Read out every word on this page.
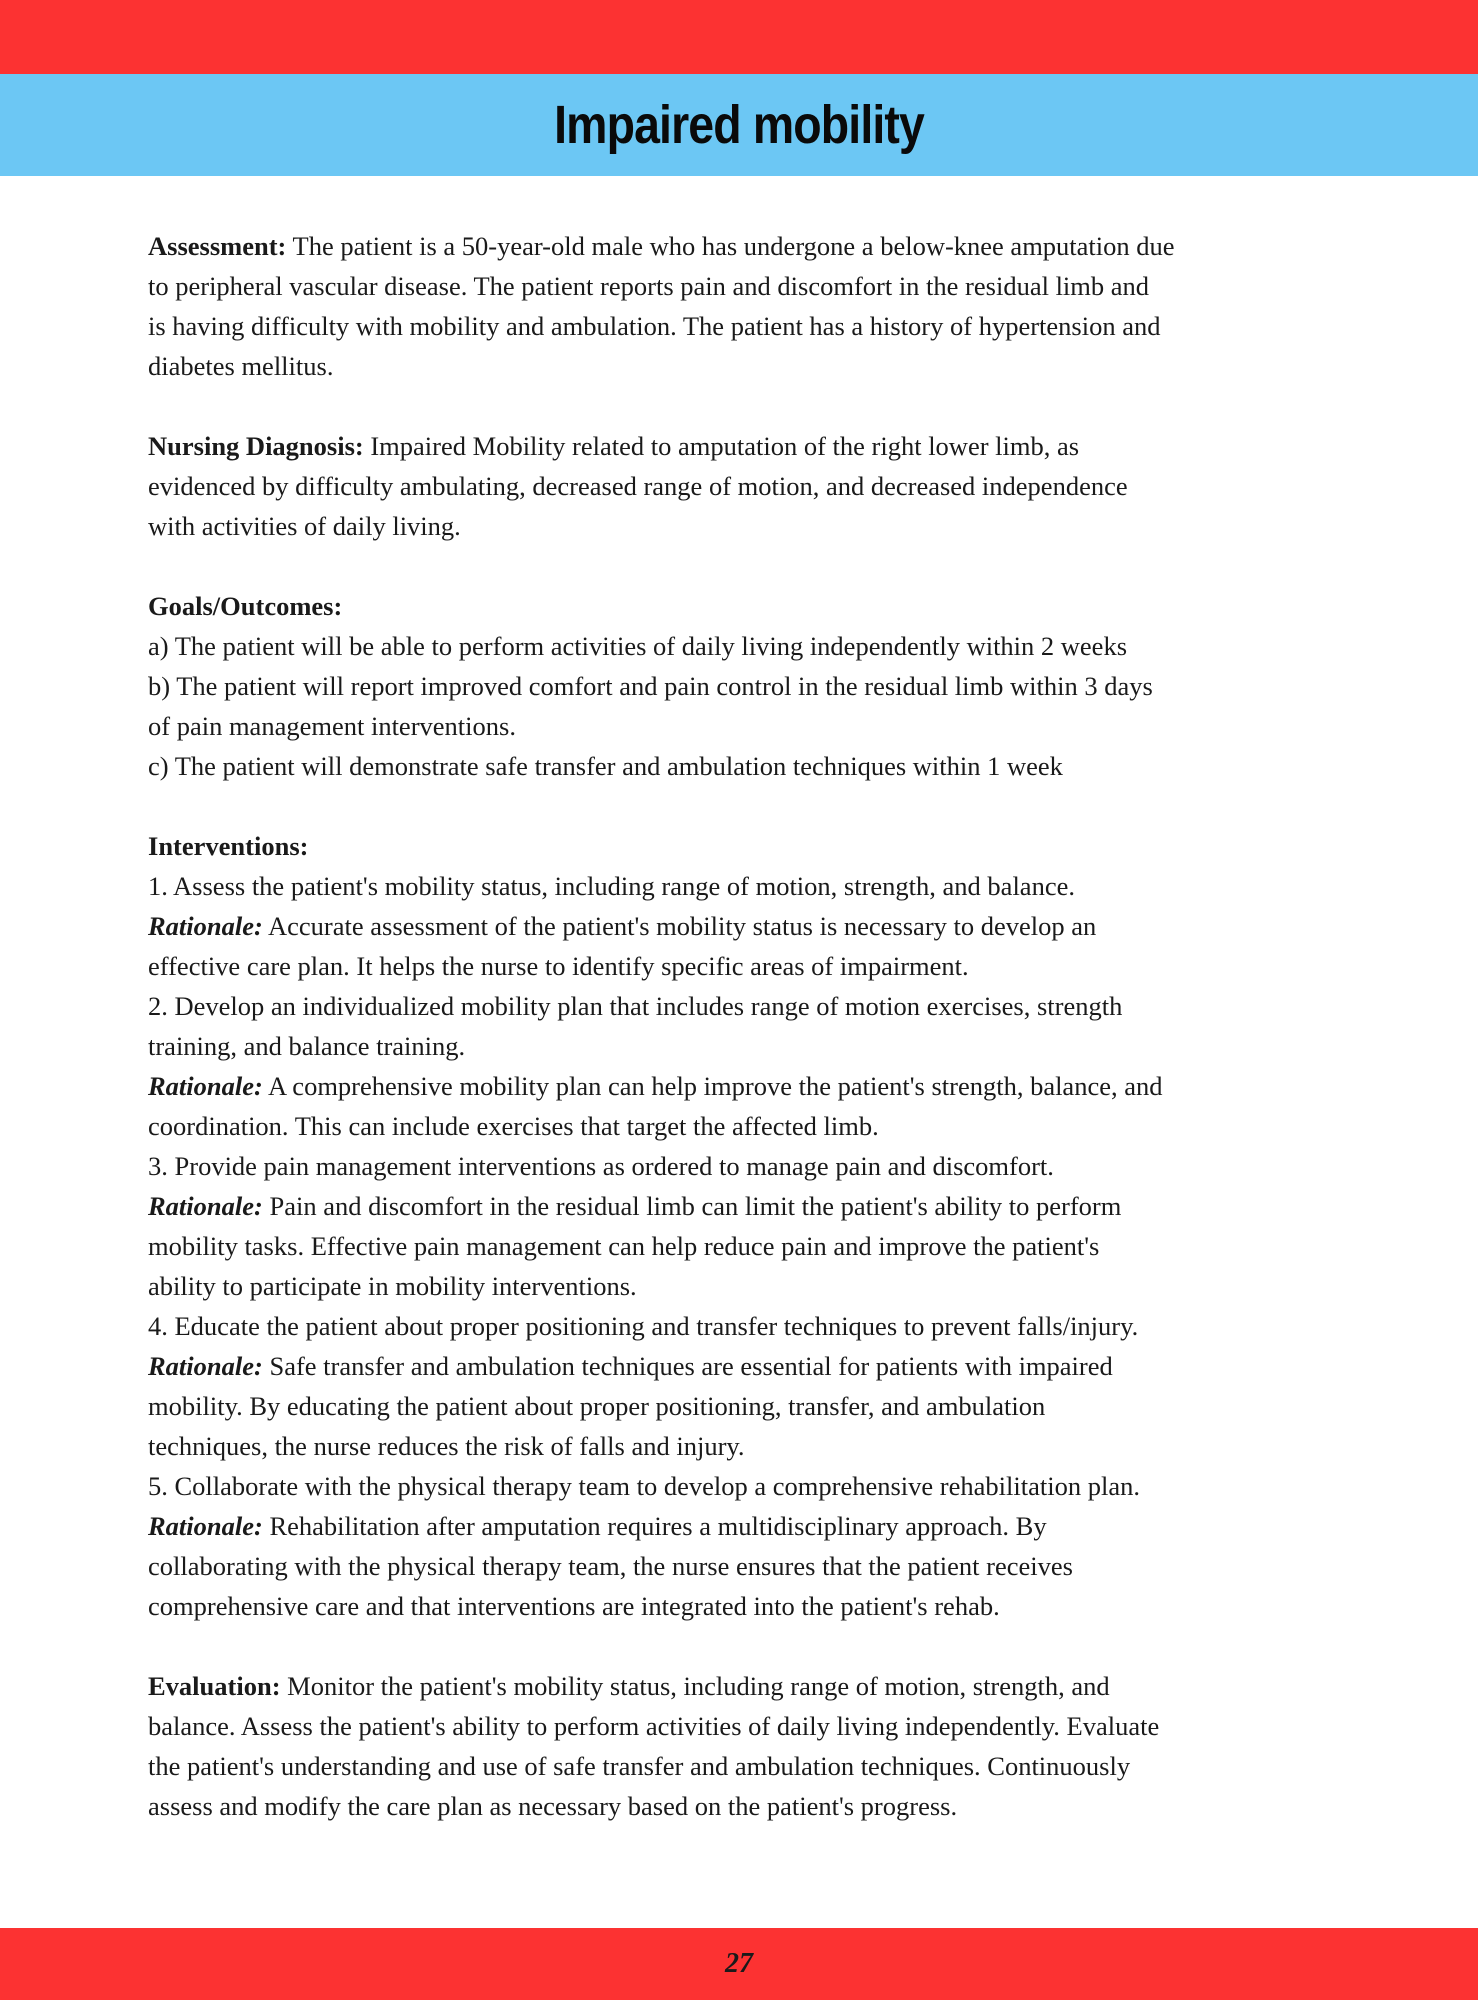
Impaired mobility
Assessment: The patient is a 50-year-old male who has undergone a below-knee amputation due
to peripheral vascular disease. The patient reports pain and discomfort in the residual limb and
is having difficulty with mobility and ambulation. The patient has a history of hypertension and
diabetes mellitus.
Nursing Diagnosis: Impaired Mobility related to amputation of the right lower limb, as
evidenced by difficulty ambulating, decreased range of motion, and decreased independence
with activities of daily living.
Goals/Outcomes:
a) The patient will be able to perform activities of daily living independently within 2 weeks
b) The patient will report improved comfort and pain control in the residual limb within 3 days
of pain management interventions.
c) The patient will demonstrate safe transfer and ambulation techniques within 1 week
Interventions:
1. Assess the patient's mobility status, including range of motion, strength, and balance.
Rationale: Accurate assessment of the patient's mobility status is necessary to develop an
effective care plan. It helps the nurse to identify specific areas of impairment.
2. Develop an individualized mobility plan that includes range of motion exercises, strength
training, and balance training.
Rationale: A comprehensive mobility plan can help improve the patient's strength, balance, and
coordination. This can include exercises that target the affected limb.
3. Provide pain management interventions as ordered to manage pain and discomfort.
Rationale: Pain and discomfort in the residual limb can limit the patient's ability to perform
mobility tasks. Effective pain management can help reduce pain and improve the patient's
ability to participate in mobility interventions.
4. Educate the patient about proper positioning and transfer techniques to prevent falls/injury.
Rationale: Safe transfer and ambulation techniques are essential for patients with impaired
mobility. By educating the patient about proper positioning, transfer, and ambulation
techniques, the nurse reduces the risk of falls and injury.
5. Collaborate with the physical therapy team to develop a comprehensive rehabilitation plan.
Rationale: Rehabilitation after amputation requires a multidisciplinary approach. By
collaborating with the physical therapy team, the nurse ensures that the patient receives
comprehensive care and that interventions are integrated into the patient's rehab.
Evaluation: Monitor the patient's mobility status, including range of motion, strength, and
balance. Assess the patient's ability to perform activities of daily living independently. Evaluate
the patient's understanding and use of safe transfer and ambulation techniques. Continuously
assess and modify the care plan as necessary based on the patient's progress.
27
